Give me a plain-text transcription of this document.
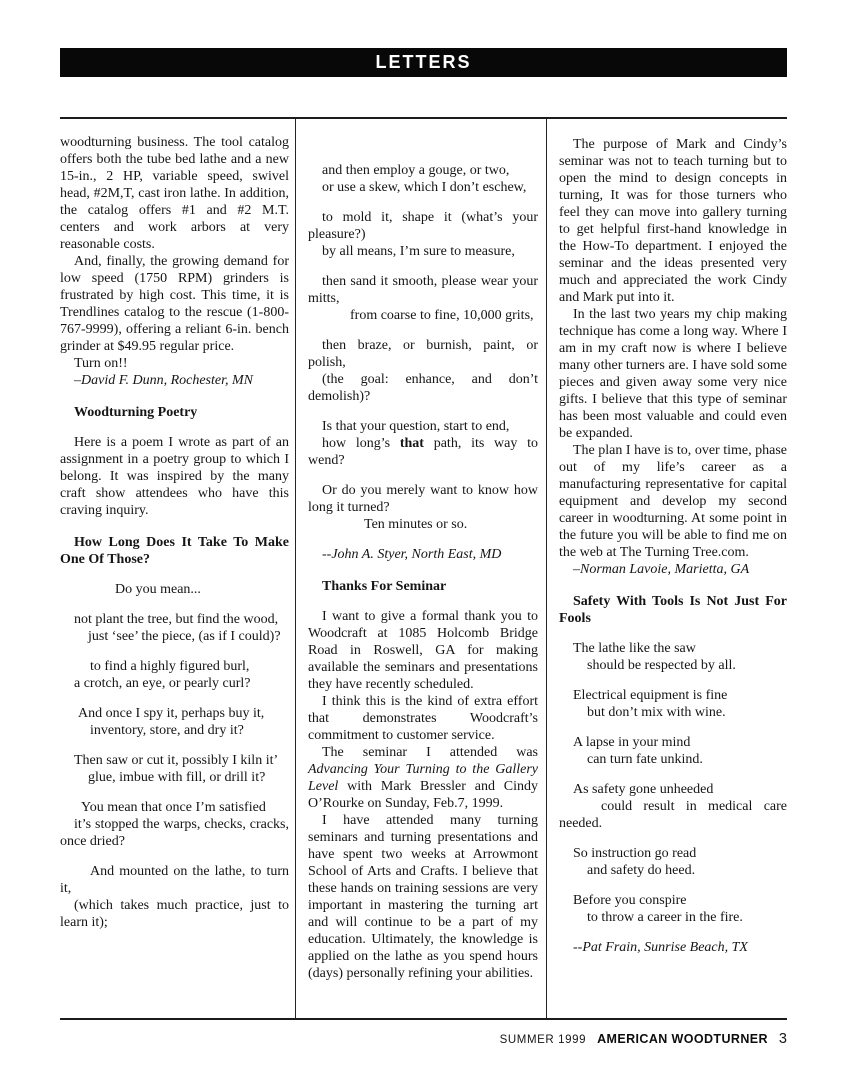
LETTERS

woodturning business. The tool catalog offers both the tube bed lathe and a new 15-in., 2 HP, variable speed, swivel head, #2M,T, cast iron lathe. In addition, the catalog offers #1 and #2 M.T. centers and work arbors at very reasonable costs.

And, finally, the growing demand for low speed (1750 RPM) grinders is frustrated by high cost. This time, it is Trendlines catalog to the rescue (1-800-767-9999), offering a reliant 6-in. bench grinder at $49.95 regular price.

Turn on!!

–David F. Dunn, Rochester, MN

Woodturning Poetry

Here is a poem I wrote as part of an assignment in a poetry group to which I belong. It was inspired by the many craft show attendees who have this craving inquiry.

How Long Does It Take To Make One Of Those?

Do you mean...
not plant the tree, but find the wood,
just ‘see’ the piece, (as if I could)?
to find a highly figured burl,
a crotch, an eye, or pearly curl?
And once I spy it, perhaps buy it,
inventory, store, and dry it?
Then saw or cut it, possibly I kiln it’
glue, imbue with fill, or drill it?
You mean that once I’m satisfied
it’s stopped the warps, checks, cracks, once dried?
And mounted on the lathe, to turn it,
(which takes much practice, just to learn it);
and then employ a gouge, or two,
or use a skew, which I don’t eschew,
to mold it, shape it (what’s your pleasure?)
by all means, I’m sure to measure,
then sand it smooth, please wear your mitts,
from coarse to fine, 10,000 grits,
then braze, or burnish, paint, or polish,
(the goal: enhance, and don’t demolish)?
Is that your question, start to end,
how long’s that path, its way to wend?
Or do you merely want to know how long it turned?
Ten minutes or so.

--John A. Styer, North East, MD

Thanks For Seminar

I want to give a formal thank you to Woodcraft at 1085 Holcomb Bridge Road in Roswell, GA for making available the seminars and presentations they have recently scheduled.

I think this is the kind of extra effort that demonstrates Woodcraft’s commitment to customer service.

The seminar I attended was Advancing Your Turning to the Gallery Level with Mark Bressler and Cindy O’Rourke on Sunday, Feb.7, 1999.

I have attended many turning seminars and turning presentations and have spent two weeks at Arrowmont School of Arts and Crafts. I believe that these hands on training sessions are very important in mastering the turning art and will continue to be a part of my education. Ultimately, the knowledge is applied on the lathe as you spend hours (days) personally refining your abilities.

The purpose of Mark and Cindy’s seminar was not to teach turning but to open the mind to design concepts in turning, It was for those turners who feel they can move into gallery turning to get helpful first-hand knowledge in the How-To department. I enjoyed the seminar and the ideas presented very much and appreciated the work Cindy and Mark put into it.

In the last two years my chip making technique has come a long way. Where I am in my craft now is where I believe many other turners are. I have sold some pieces and given away some very nice gifts. I believe that this type of seminar has been most valuable and could even be expanded.

The plan I have is to, over time, phase out of my life’s career as a manufacturing representative for capital equipment and develop my second career in woodturning. At some point in the future you will be able to find me on the web at The Turning Tree.com.

–Norman Lavoie, Marietta, GA

Safety With Tools Is Not Just For Fools

The lathe like the saw
should be respected by all.
Electrical equipment is fine
but don’t mix with wine.
A lapse in your mind
can turn fate unkind.
As safety gone unheeded
could result in medical care needed.
So instruction go read
and safety do heed.
Before you conspire
to throw a career in the fire.

--Pat Frain, Sunrise Beach, TX

SUMMER 1999 AMERICAN WOODTURNER 3
